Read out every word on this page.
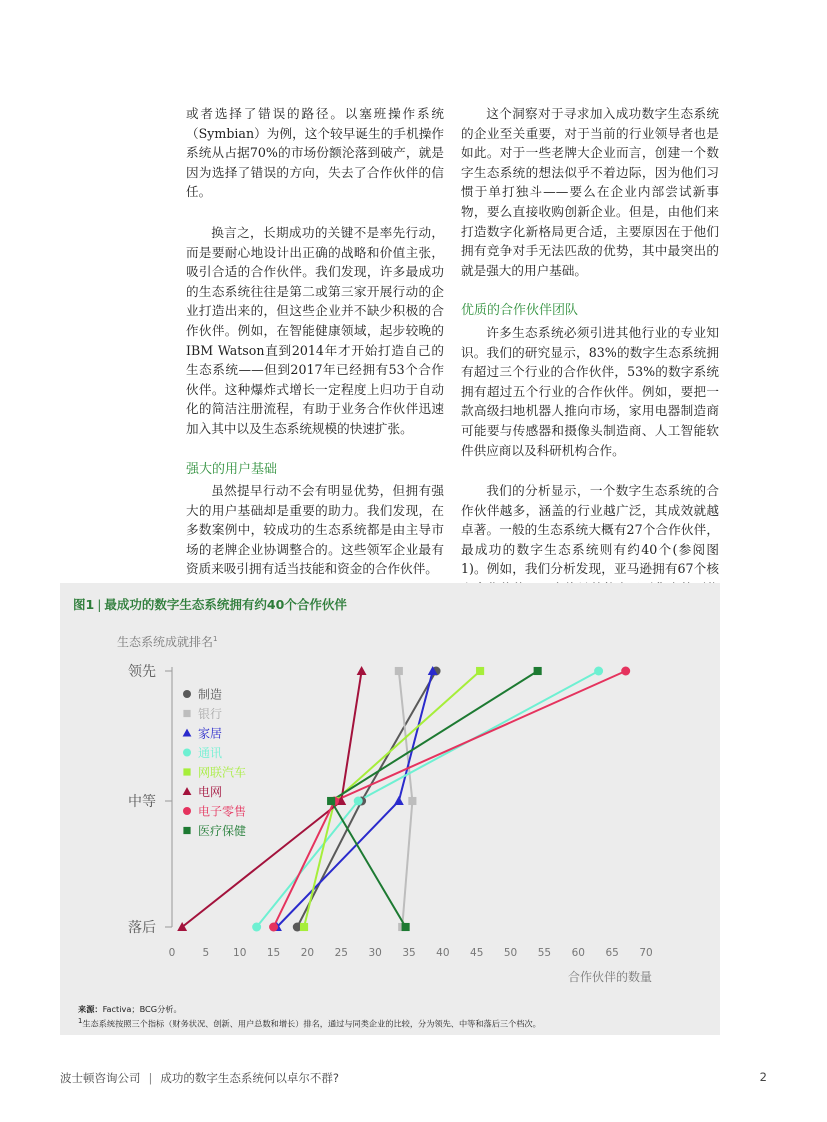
或者选择了错误的路径。以塞班操作系统（Symbian）为例，这个较早诞生的手机操作系统从占据70%的市场份额沦落到破产，就是因为选择了错误的方向，失去了合作伙伴的信任。

换言之，长期成功的关键不是率先行动，而是要耐心地设计出正确的战略和价值主张，吸引合适的合作伙伴。我们发现，许多最成功的生态系统往往是第二或第三家开展行动的企业打造出来的，但这些企业并不缺少积极的合作伙伴。例如，在智能健康领域，起步较晚的IBM Watson直到2014年才开始打造自己的生态系统——但到2017年已经拥有53个合作伙伴。这种爆炸式增长一定程度上归功于自动化的简洁注册流程，有助于业务合作伙伴迅速加入其中以及生态系统规模的快速扩张。

强大的用户基础

虽然提早行动不会有明显优势，但拥有强大的用户基础却是重要的助力。我们发现，在多数案例中，较成功的生态系统都是由主导市场的老牌企业协调整合的。这些领军企业最有资质来吸引拥有适当技能和资金的合作伙伴。

这个洞察对于寻求加入成功数字生态系统的企业至关重要，对于当前的行业领导者也是如此。对于一些老牌大企业而言，创建一个数字生态系统的想法似乎不着边际，因为他们习惯于单打独斗——要么在企业内部尝试新事物，要么直接收购创新企业。但是，由他们来打造数字化新格局更合适，主要原因在于他们拥有竞争对手无法匹敌的优势，其中最突出的就是强大的用户基础。

优质的合作伙伴团队

许多生态系统必须引进其他行业的专业知识。我们的研究显示，83%的数字生态系统拥有超过三个行业的合作伙伴，53%的数字系统拥有超过五个行业的合作伙伴。例如，要把一款高级扫地机器人推向市场，家用电器制造商可能要与传感器和摄像头制造商、人工智能软件供应商以及科研机构合作。

我们的分析显示，一个数字生态系统的合作伙伴越多，涵盖的行业越广泛，其成效就越卓著。一般的生态系统大概有27个合作伙伴，最成功的数字生态系统则有约40个(参阅图1)。例如，我们分析发现，亚马逊拥有67个核

图1 | 最成功的数字生态系统拥有约40个合作伙伴
生态系统成就排名$^1$
落后
中等
领先
0	5 10 15 20 25 30 35 40 45 50 55 60 65 70
制造
银行
家居
通讯
网联汽车
电网
电子零售
医疗保健
合作伙伴的数量
来源：Factiva；BCG分析。
$^1$生态系统按照三个指标（财务状况、创新、用户总数和增长）排名，通过与同类企业的比较，分为领先、中等和落后三个档次。
波士顿咨询公司 | 成功的数字生态系统何以卓尔不群?	2
